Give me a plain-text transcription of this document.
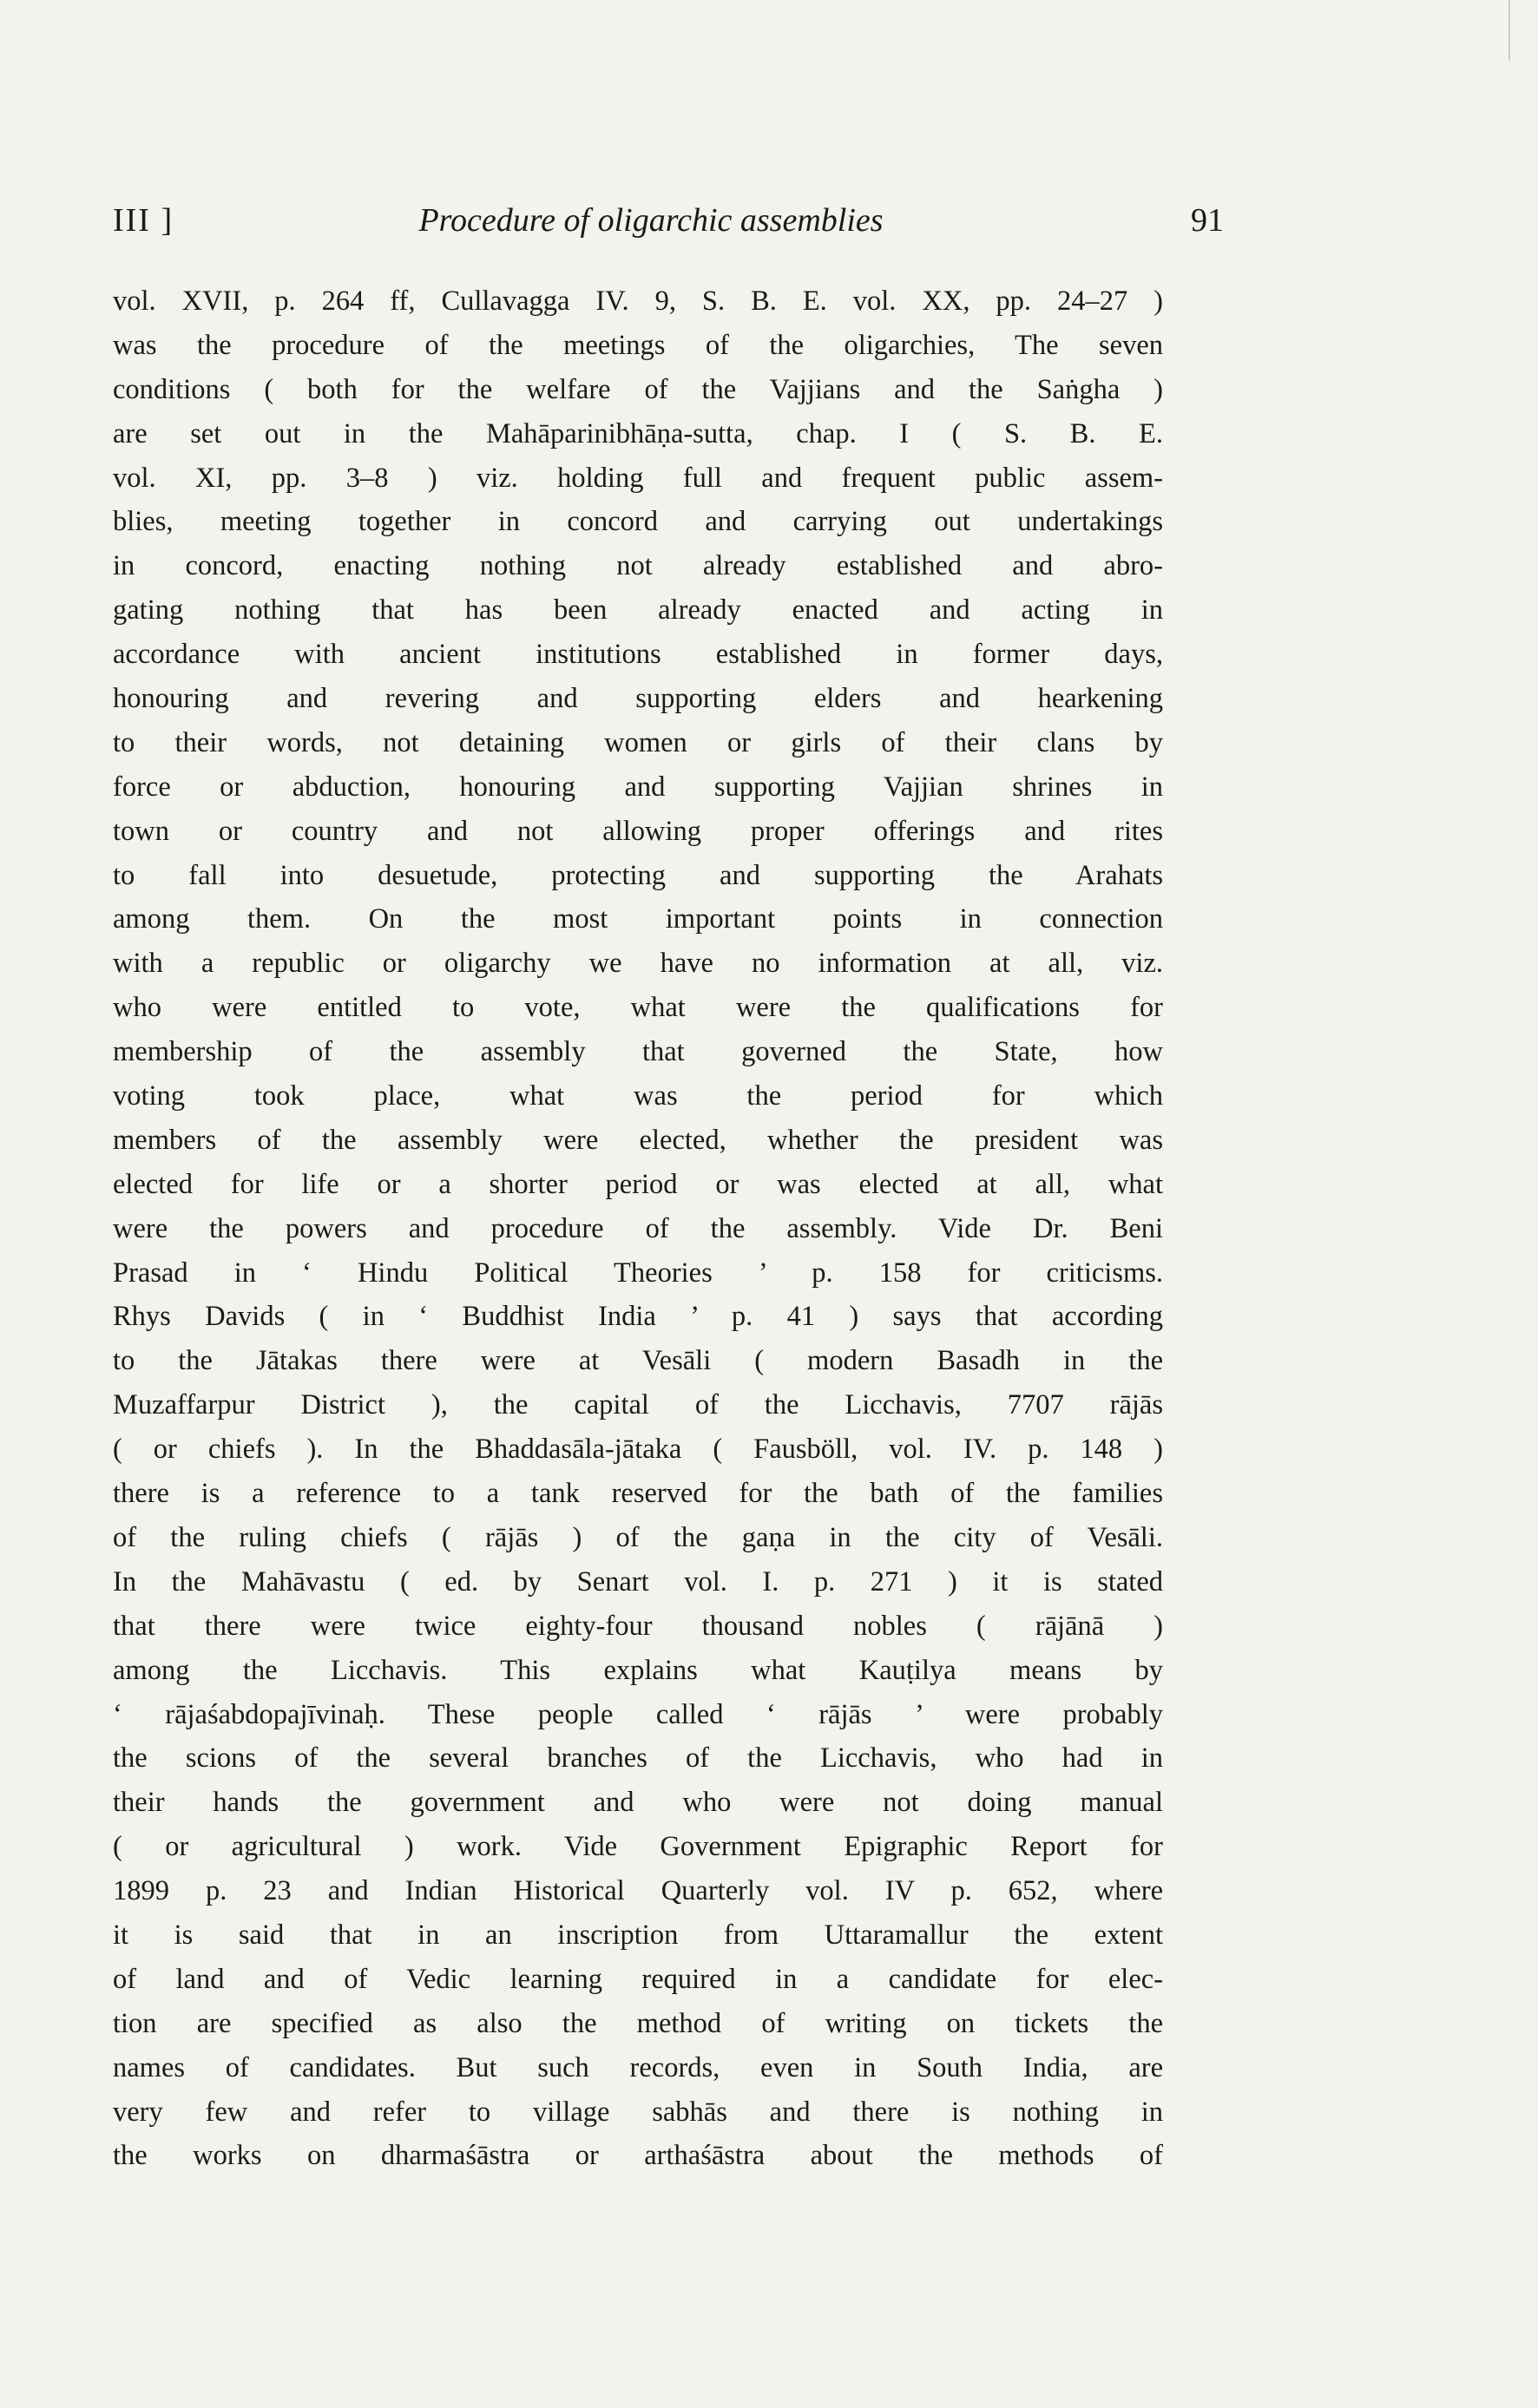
III ]	Procedure of oligarchic assemblies	91
vol. XVII, p. 264 ff, Cullavagga IV. 9, S. B. E. vol. XX, pp. 24–27 )
was the procedure of the meetings of the oligarchies, The seven
conditions ( both for the welfare of the Vajjians and the Saṅgha )
are set out in the Mahāparinibhāṇa-sutta, chap. I ( S. B. E.
vol. XI, pp. 3–8 ) viz. holding full and frequent public assem-
blies, meeting together in concord and carrying out undertakings
in concord, enacting nothing not already established and abro-
gating nothing that has been already enacted and acting in
accordance with ancient institutions established in former days,
honouring and revering and supporting elders and hearkening
to their words, not detaining women or girls of their clans by
force or abduction, honouring and supporting Vajjian shrines in
town or country and not allowing proper offerings and rites
to fall into desuetude, protecting and supporting the Arahats
among them. On the most important points in connection
with a republic or oligarchy we have no information at all, viz.
who were entitled to vote, what were the qualifications for
membership of the assembly that governed the State, how
voting took place, what was the period for which
members of the assembly were elected, whether the president was
elected for life or a shorter period or was elected at all, what
were the powers and procedure of the assembly. Vide Dr. Beni
Prasad in ‘ Hindu Political Theories ’ p. 158 for criticisms.
Rhys Davids ( in ‘ Buddhist India ’ p. 41 ) says that according
to the Jātakas there were at Vesāli ( modern Basadh in the
Muzaffarpur District ), the capital of the Licchavis, 7707 rājās
( or chiefs ). In the Bhaddasāla-jātaka ( Fausböll, vol. IV. p. 148 )
there is a reference to a tank reserved for the bath of the families
of the ruling chiefs ( rājās ) of the gaṇa in the city of Vesāli.
In the Mahāvastu ( ed. by Senart vol. I. p. 271 ) it is stated
that there were twice eighty-four thousand nobles ( rājānā )
among the Licchavis. This explains what Kauṭilya means by
‘ rājaśabdopajīvinaḥ. These people called ‘ rājās ’ were probably
the scions of the several branches of the Licchavis, who had in
their hands the government and who were not doing manual
( or agricultural ) work. Vide Government Epigraphic Report for
1899 p. 23 and Indian Historical Quarterly vol. IV p. 652, where
it is said that in an inscription from Uttaramallur the extent
of land and of Vedic learning required in a candidate for elec-
tion are specified as also the method of writing on tickets the
names of candidates. But such records, even in South India, are
very few and refer to village sabhās and there is nothing in
the works on dharmaśāstra or arthaśāstra about the methods of
